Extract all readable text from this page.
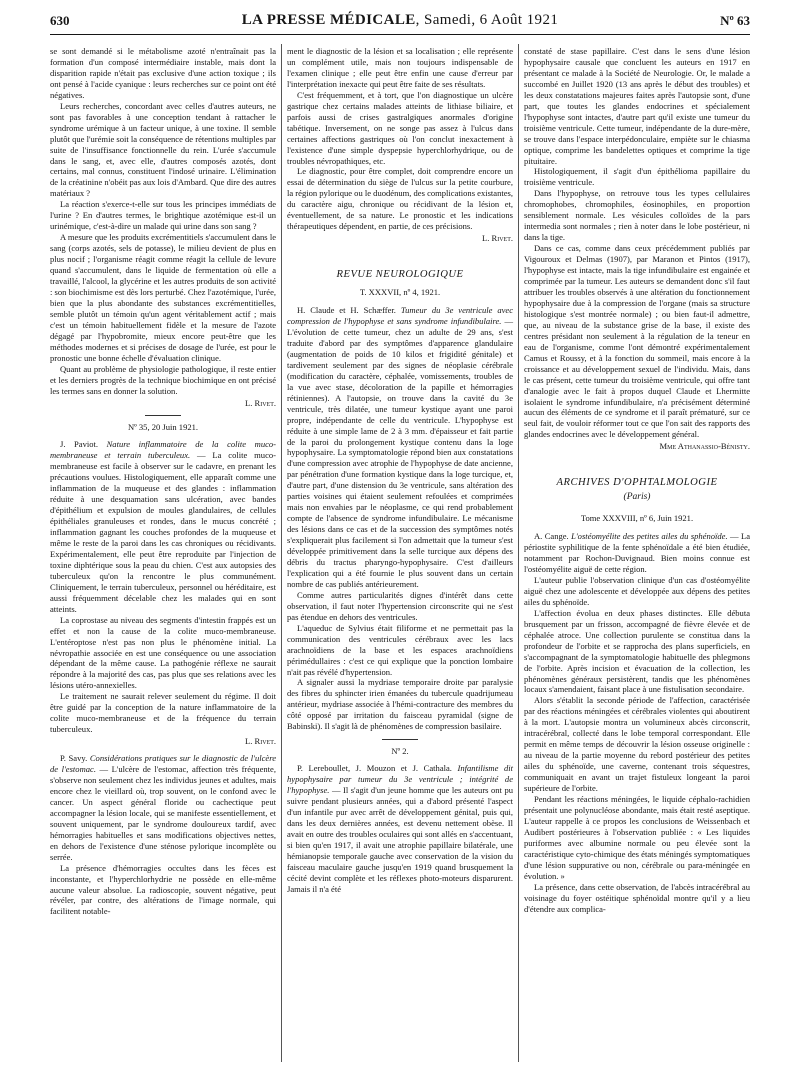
630	LA PRESSE MÉDICALE, Samedi, 6 Août 1921	Nº 63

se sont demandé si le métabolisme azoté n'entraînait pas la formation d'un composé intermédiaire instable, mais dont la disparition rapide n'était pas exclusive d'une action toxique ; ils ont pensé à l'acide cyanique : leurs recherches sur ce point ont été négatives.

Leurs recherches, concordant avec celles d'autres auteurs, ne sont pas favorables à une conception tendant à rattacher le syndrome urémique à un facteur unique, à une toxine. Il semble plutôt que l'urémie soit la conséquence de rétentions multiples par suite de l'insuffisance fonctionnelle du rein. L'urée s'accumule dans le sang, et, avec elle, d'autres composés azotés, dont certains, mal connus, constituent l'indosé urinaire. L'élimination de la créatinine n'obéit pas aux lois d'Ambard. Que dire des autres matériaux ?

La réaction s'exerce-t-elle sur tous les principes immédiats de l'urine ? En d'autres termes, le brightique azotémique est-il un urinémique, c'est-à-dire un malade qui urine dans son sang ?

A mesure que les produits excrémentitiels s'accumulent dans le sang (corps azotés, sels de potasse), le milieu devient de plus en plus nocif ; l'organisme réagit comme réagit la cellule de levure quand s'accumulent, dans le liquide de fermentation où elle a travaillé, l'alcool, la glycérine et les autres produits de son activité : son biochimisme est dès lors perturbé. Chez l'azotémique, l'urée, bien que la plus abondante des substances excrémentitielles, semble plutôt un témoin qu'un agent véritablement actif ; mais c'est un témoin habituellement fidèle et la mesure de l'azote dégagé par l'hypobromite, mieux encore peut-être que les méthodes modernes et si précises de dosage de l'urée, est pour le pronostic une bonne échelle d'évaluation clinique.

Quant au problème de physiologie pathologique, il reste entier et les derniers progrès de la technique biochimique en ont précisé les termes sans en donner la solution.

L. Rivet.
Nº 35, 20 Juin 1921.

J. Paviot. Nature inflammatoire de la colite muco-membraneuse et terrain tuberculeux. — La colite muco-membraneuse est facile à observer sur le cadavre, en prenant les précautions voulues. Histologiquement, elle apparaît comme une inflammation de la muqueuse et des glandes : inflammation réduite à une desquamation sans ulcération, avec bandes d'épithélium et expulsion de moules glandulaires, de cellules épithéliales granuleuses et rondes, dans le mucus concrété ; inflammation gagnant les couches profondes de la muqueuse et même le reste de la paroi dans les cas chroniques ou récidivants. Expérimentalement, elle peut être reproduite par l'injection de toxine diphtérique sous la peau du chien. C'est aux autopsies des tuberculeux qu'on la rencontre le plus communément. Cliniquement, le terrain tuberculeux, personnel ou héréditaire, est aussi fréquemment décelable chez les malades qui en sont atteints.

La coprostase au niveau des segments d'intestin frappés est un effet et non la cause de la colite muco-membraneuse. L'entéroptose n'est pas non plus le phénomène initial. La névropathie associée en est une conséquence ou une association dépendant de la même cause. La pathogénie réflexe ne saurait répondre à la majorité des cas, pas plus que ses relations avec les lésions utéro-annexielles.

Le traitement ne saurait relever seulement du régime. Il doit être guidé par la conception de la nature inflammatoire de la colite muco-membraneuse et de la fréquence du terrain tuberculeux.

L. Rivet.

P. Savy. Considérations pratiques sur le diagnostic de l'ulcère de l'estomac. — L'ulcère de l'estomac, affection très fréquente, s'observe non seulement chez les individus jeunes et adultes, mais encore chez le vieillard où, trop souvent, on le confond avec le cancer. Un aspect général floride ou cachectique peut accompagner la lésion locale, qui se manifeste essentiellement, et souvent uniquement, par le syndrome douloureux tardif, avec hémorragies habituelles et sans modifications objectives nettes, en dehors de l'existence d'une sténose pylorique incomplète ou serrée.

La présence d'hémorragies occultes dans les fèces est inconstante, et l'hyperchlorhydrie ne possède en elle-même aucune valeur absolue. La radioscopie, souvent négative, peut révéler, par contre, des altérations de l'image normale, qui facilitent notable-

ment le diagnostic de la lésion et sa localisation ; elle représente un complément utile, mais non toujours indispensable de l'examen clinique ; elle peut être enfin une cause d'erreur par l'interprétation inexacte qui peut être faite de ses résultats.

C'est fréquemment, et à tort, que l'on diagnostique un ulcère gastrique chez certains malades atteints de lithiase biliaire, et parfois aussi de crises gastralgiques anormales d'origine tabétique. Inversement, on ne songe pas assez à l'ulcus dans certaines affections gastriques où l'on conclut inexactement à l'existence d'une simple dyspepsie hyperchlorhydrique, ou de troubles névropathiques, etc.

Le diagnostic, pour être complet, doit comprendre encore un essai de détermination du siège de l'ulcus sur la petite courbure, la région pylorique ou le duodénum, des complications existantes, du caractère aigu, chronique ou récidivant de la lésion et, éventuellement, de sa nature. Le pronostic et les indications thérapeutiques dépendent, en partie, de ces précisions.

L. Rivet.
REVUE NEUROLOGIQUE
T. XXXVII, nº 4, 1921.

H. Claude et H. Schæffer. Tumeur du 3e ventricule avec compression de l'hypophyse et sans syndrome infundibulaire. — L'évolution de cette tumeur, chez un adulte de 29 ans, s'est traduite d'abord par des symptômes d'apparence glandulaire (augmentation de poids de 10 kilos et frigidité génitale) et tardivement seulement par des signes de néoplasie cérébrale (modification du caractère, céphalée, vomissements, troubles de la vue avec stase, décoloration de la papille et hémorragies rétiniennes). A l'autopsie, on trouve dans la cavité du 3e ventricule, très dilatée, une tumeur kystique ayant une paroi propre, indépendante de celle du ventricule. L'hypophyse est réduite à une simple lame de 2 à 3 mm. d'épaisseur et fait partie de la paroi du prolongement kystique contenu dans la loge hypophysaire. La symptomatologie répond bien aux constatations d'une compression avec atrophie de l'hypophyse de date ancienne, par pénétration d'une formation kystique dans la loge turcique, et, d'autre part, d'une distension du 3e ventricule, sans altération des parties voisines qui étaient seulement refoulées et comprimées mais non envahies par le néoplasme, ce qui rend probablement compte de l'absence de syndrome infundibulaire. Le mécanisme des lésions dans ce cas et de la succession des symptômes notés s'expliquerait plus facilement si l'on admettait que la tumeur s'est développée primitivement dans la selle turcique aux dépens des débris du tractus pharyngo-hypophysaire. C'est d'ailleurs l'explication qui a été fournie le plus souvent dans un certain nombre de cas publiés antérieurement.

Comme autres particularités dignes d'intérêt dans cette observation, il faut noter l'hypertension circonscrite qui ne s'est pas étendue en dehors des ventricules.

L'aqueduc de Sylvius était filiforme et ne permettait pas la communication des ventricules cérébraux avec les lacs arachnoïdiens de la base et les espaces arachnoïdiens périmédullaires : c'est ce qui explique que la ponction lombaire n'ait pas révélé d'hypertension.

A signaler aussi la mydriase temporaire droite par paralysie des fibres du sphincter irien émanées du tubercule quadrijumeau antérieur, mydriase associée à l'hémi-contracture des membres du côté opposé par irritation du faisceau pyramidal (signe de Babinski). Il s'agit là de phénomènes de compression basilaire.

Nº 2.

P. Lereboullet, J. Mouzon et J. Cathala. Infantilisme dit hypophysaire par tumeur du 3e ventricule ; intégrité de l'hypophyse. — Il s'agit d'un jeune homme que les auteurs ont pu suivre pendant plusieurs années, qui a d'abord présenté l'aspect d'un infantile pur avec arrêt de développement génital, puis qui, dans les deux dernières années, est devenu nettement obèse. Il avait en outre des troubles oculaires qui sont allés en s'accentuant, si bien qu'en 1917, il avait une atrophie papillaire bilatérale, une hémianopsie temporale gauche avec conservation de la vision du faisceau maculaire gauche jusqu'en 1919 quand brusquement la cécité devint complète et les réflexes photo-moteurs disparurent. Jamais il n'a été

constaté de stase papillaire. C'est dans le sens d'une lésion hypophysaire causale que concluent les auteurs en 1917 en présentant ce malade à la Société de Neurologie. Or, le malade a succombé en Juillet 1920 (13 ans après le début des troubles) et les deux constatations majeures faites après l'autopsie sont, d'une part, que toutes les glandes endocrines et spécialement l'hypophyse sont intactes, d'autre part qu'il existe une tumeur du troisième ventricule. Cette tumeur, indépendante de la dure-mère, se trouve dans l'espace interpédonculaire, empiète sur le chiasma optique, comprime les bandelettes optiques et comprime la tige pituitaire.

Histologiquement, il s'agit d'un épithélioma papillaire du troisième ventricule.

Dans l'hypophyse, on retrouve tous les types cellulaires chromophobes, chromophiles, éosinophiles, en proportion sensiblement normale. Les vésicules colloïdes de la pars intermedia sont normales ; rien à noter dans le lobe postérieur, ni dans la tige.

Dans ce cas, comme dans ceux précédemment publiés par Vigouroux et Delmas (1907), par Maranon et Pintos (1917), l'hypophyse est intacte, mais la tige infundibulaire est engainée et comprimée par la tumeur. Les auteurs se demandent donc s'il faut attribuer les troubles observés à une altération du fonctionnement hypophysaire due à la compression de l'organe (mais sa structure histologique s'est montrée normale) ; ou bien faut-il admettre, que, au niveau de la substance grise de la base, il existe des centres présidant non seulement à la régulation de la teneur en eau de l'organisme, comme l'ont démontré expérimentalement Camus et Roussy, et à la fonction du sommeil, mais encore à la croissance et au développement sexuel de l'individu. Mais, dans le cas présent, cette tumeur du troisième ventricule, qui offre tant d'analogie avec le fait à propos duquel Claude et Lhermitte isolaient le syndrome infundibulaire, n'a précisément déterminé aucun des éléments de ce syndrome et il paraît prématuré, sur ce seul fait, de vouloir réformer tout ce que l'on sait des rapports des glandes endocrines avec le développement général.

Mme Athanassio-Bénisty.
ARCHIVES D'OPHTALMOLOGIE
(Paris)
Tome XXXVIII, nº 6, Juin 1921.

A. Cange. L'ostéomyélite des petites ailes du sphénoïde. — La périostite syphilitique de la fente sphénoïdale a été bien étudiée, notamment par Rochon-Duvignaud. Bien moins connue est l'ostéomyélite aiguë de cette région.

L'auteur publie l'observation clinique d'un cas d'ostéomyélite aiguë chez une adolescente et développée aux dépens des petites ailes du sphénoïde.

L'affection évolua en deux phases distinctes. Elle débuta brusquement par un frisson, accompagné de fièvre élevée et de céphalée atroce. Une collection purulente se constitua dans la profondeur de l'orbite et se rapprocha des plans superficiels, en s'accompagnant de la symptomatologie habituelle des phlegmons de l'orbite. Après incision et évacuation de la collection, les phénomènes généraux persistèrent, tandis que les phénomènes locaux s'amendaient, faisant place à une fistulisation secondaire.

Alors s'établit la seconde période de l'affection, caractérisée par des réactions méningées et cérébrales violentes qui aboutirent à la mort. L'autopsie montra un volumineux abcès circonscrit, intracérébral, collecté dans le lobe temporal correspondant. Elle permit en même temps de découvrir la lésion osseuse originelle : au niveau de la partie moyenne du rebord postérieur des petites ailes du sphénoïde, une caverne, contenant trois séquestres, communiquait en avant un trajet fistuleux longeant la paroi supérieure de l'orbite.

Pendant les réactions méningées, le liquide céphalo-rachidien présentait une polynucléose abondante, mais était resté aseptique. L'auteur rappelle à ce propos les conclusions de Weissenbach et Audibert postérieures à l'observation publiée : « Les liquides puriformes avec albumine normale ou peu élevée sont la caractéristique cyto-chimique des états méningés symptomatiques d'une lésion suppurative ou non, cérébrale ou para-méningée en évolution. »

La présence, dans cette observation, de l'abcès intracérébral au voisinage du foyer ostéitique sphénoïdal montre qu'il y a lieu d'étendre aux complica-
